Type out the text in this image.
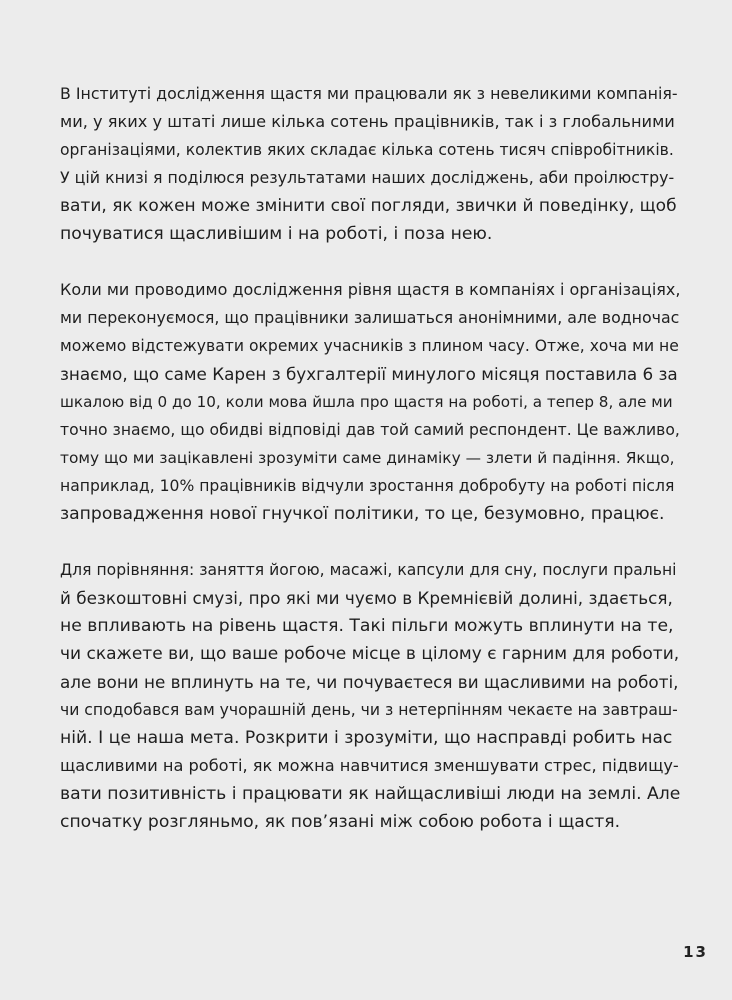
В Інституті дослідження щастя ми працювали як з невеликими компанія-
ми, у яких у штаті лише кілька сотень працівників, так і з глобальними
організаціями, колектив яких складає кілька сотень тисяч співробітників.
У цій книзі я поділюся результатами наших досліджень, аби проілюстру-
вати, як кожен може змінити свої погляди, звички й поведінку, щоб
почуватися щасливішим і на роботі, і поза нею.

Коли ми проводимо дослідження рівня щастя в компаніях і організаціях,
ми переконуємося, що працівники залишаться анонімними, але водночас
можемо відстежувати окремих учасників з плином часу. Отже, хоча ми не
знаємо, що саме Карен з бухгалтерії минулого місяця поставила 6 за
шкалою від 0 до 10, коли мова йшла про щастя на роботі, а тепер 8, але ми
точно знаємо, що обидві відповіді дав той самий респондент. Це важливо,
тому що ми зацікавлені зрозуміти саме динаміку — злети й падіння. Якщо,
наприклад, 10% працівників відчули зростання добробуту на роботі після
запровадження нової гнучкої політики, то це, безумовно, працює.

Для порівняння: заняття йогою, масажі, капсули для сну, послуги пральні
й безкоштовні смузі, про які ми чуємо в Кремнієвій долині, здається,
не впливають на рівень щастя. Такі пільги можуть вплинути на те,
чи скажете ви, що ваше робоче місце в цілому є гарним для роботи,
але вони не вплинуть на те, чи почуваєтеся ви щасливими на роботі,
чи сподобався вам учорашній день, чи з нетерпінням чекаєте на завтраш-
ній. І це наша мета. Розкрити і зрозуміти, що насправді робить нас
щасливими на роботі, як можна навчитися зменшувати стрес, підвищу-
вати позитивність і працювати як найщасливіші люди на землі. Але
спочатку розгляньмо, як пов’язані між собою робота і щастя.

13
